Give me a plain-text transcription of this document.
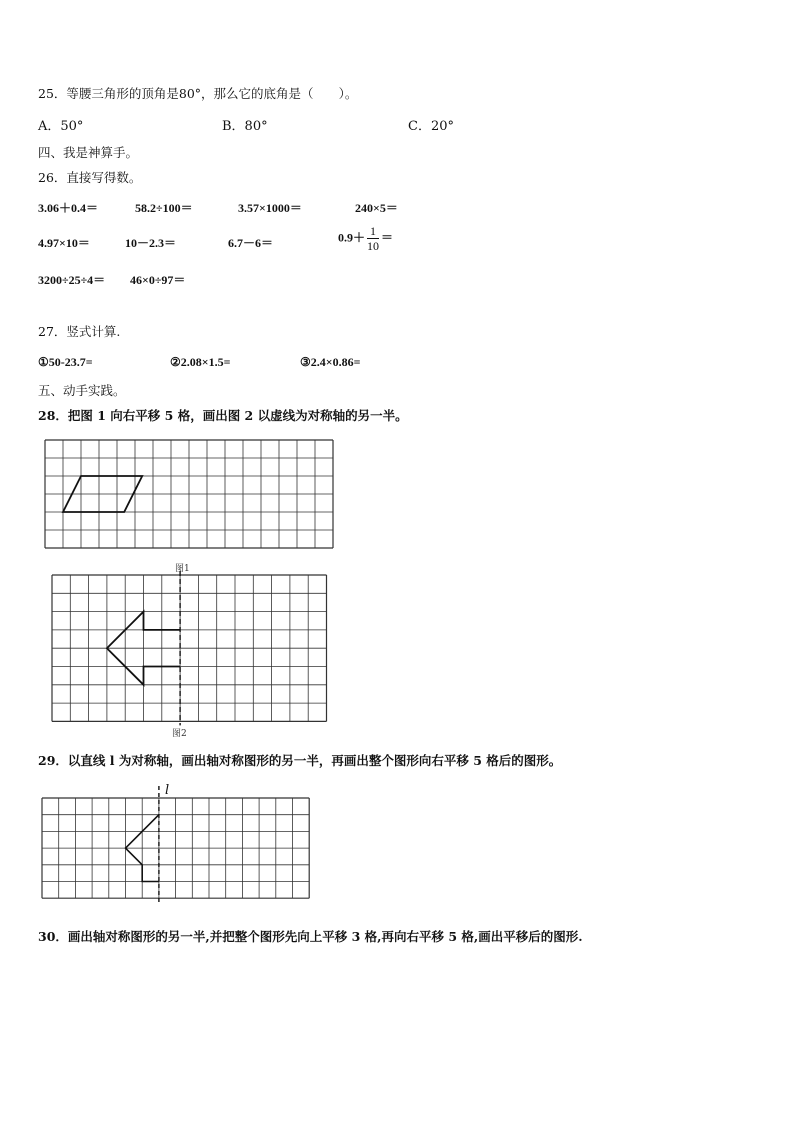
25．等腰三角形的顶角是80°，那么它的底角是（　　）。
A．50°	B．80°	C．20°
四、我是神算手。
26．直接写得数。
3.06＋0.4＝	58.2÷100＝	3.57×1000＝	240×5＝
4.97×10＝	10－2.3＝	6.7－6＝	$0.9+ \frac{1}{10}$ ＝
3200÷25÷4＝ 46×0÷97＝
27．竖式计算.
①50-23.7=	②2.08×1.5=	③2.4×0.86=
五、动手实践。
28．把图 1 向右平移 5 格，画出图 2 以虚线为对称轴的另一半。
图1
图2
29．以直线 l 为对称轴，画出轴对称图形的另一半，再画出整个图形向右平移 5 格后的图形。
l
30．画出轴对称图形的另一半,并把整个图形先向上平移 3 格,再向右平移 5 格,画出平移后的图形.
